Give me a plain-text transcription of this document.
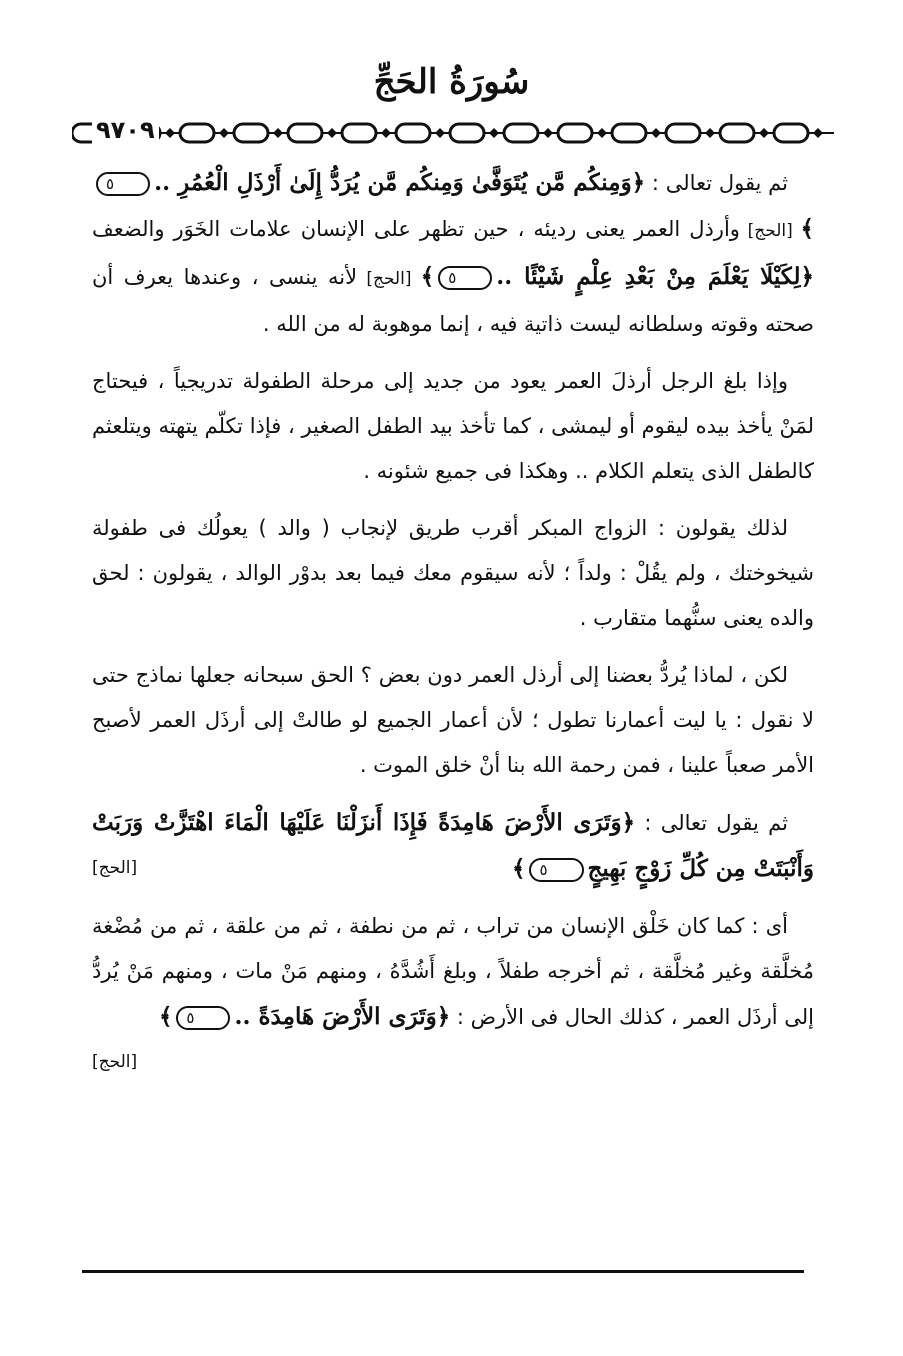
سُورَةُ الحَجِّ
٩٧٠٩

ثم يقول تعالى : ﴿وَمِنكُم مَّن يُتَوَفَّىٰ وَمِنكُم مَّن يُرَدُّ إِلَىٰ أَرْذَلِ الْعُمُرِ ..٥﴾ [الحج] وأرذل العمر يعنى رديئه ، حين تظهر على الإنسان علامات الخَوَر والضعف ﴿لِكَيْلَا يَعْلَمَ مِنْ بَعْدِ عِلْمٍ شَيْئًا ..٥﴾ [الحج] لأنه ينسى ، وعندها يعرف أن صحته وقوته وسلطانه ليست ذاتية فيه ، إنما موهوبة له من الله .

وإذا بلغ الرجل أرذلَ العمر يعود من جديد إلى مرحلة الطفولة تدريجياً ، فيحتاج لمَنْ يأخذ بيده ليقوم أو ليمشى ، كما تأخذ بيد الطفل الصغير ، فإذا تكلّم يتهته ويتلعثم كالطفل الذى يتعلم الكلام .. وهكذا فى جميع شئونه .

لذلك يقولون : الزواج المبكر أقرب طريق لإنجاب ( والد ) يعولُك فى طفولة شيخوختك ، ولم يقُلْ : ولداً ؛ لأنه سيقوم معك فيما بعد بدوْر الوالد ، يقولون : لحق والده يعنى سنُّهما متقارب .

لكن ، لماذا يُردُّ بعضنا إلى أرذل العمر دون بعض ؟ الحق سبحانه جعلها نماذج حتى لا نقول : يا ليت أعمارنا تطول ؛ لأن أعمار الجميع لو طالتْ إلى أرذَل العمر لأصبح الأمر صعباً علينا ، فمن رحمة الله بنا أنْ خلق الموت .

ثم يقول تعالى : ﴿وَتَرَى الأَرْضَ هَامِدَةً فَإِذَا أَنزَلْنَا عَلَيْهَا الْمَاءَ اهْتَزَّتْ وَرَبَتْ وَأَنْبَتَتْ مِن كُلِّ زَوْجٍ بَهِيجٍ٥﴾
[الحج]

أى : كما كان خَلْق الإنسان من تراب ، ثم من نطفة ، ثم من علقة ، ثم من مُضْغة مُخلَّقة وغير مُخلَّقة ، ثم أخرجه طفلاً ، وبلغ أَشُدَّهُ ، ومنهم مَنْ مات ، ومنهم مَنْ يُردُّ إلى أرذَل العمر ، كذلك الحال فى الأرض : ﴿وَتَرَى الأَرْضَ هَامِدَةً ..٥﴾
[الحج]
